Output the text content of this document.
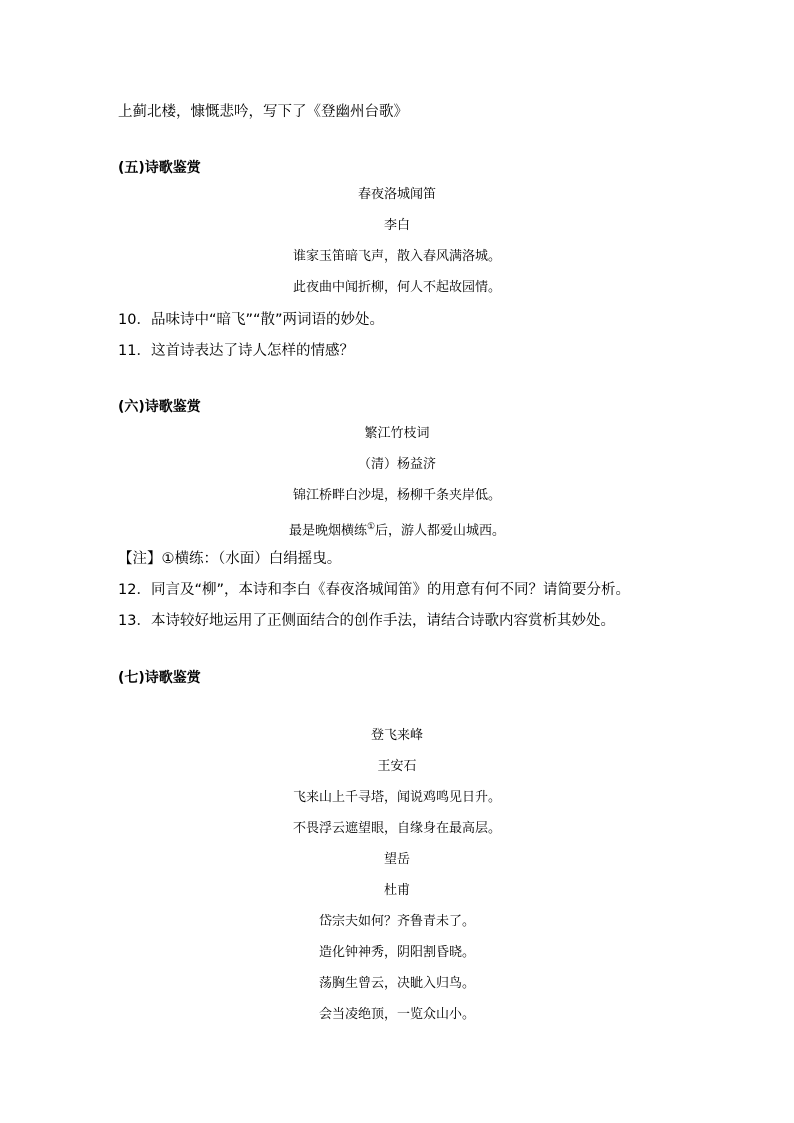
上蓟北楼，慷慨悲吟，写下了《登幽州台歌》
(五)诗歌鉴赏
春夜洛城闻笛
李白
谁家玉笛暗飞声，散入春风满洛城。
此夜曲中闻折柳，何人不起故园情。
10．品味诗中“暗飞”“散”两词语的妙处。
11．这首诗表达了诗人怎样的情感？
(六)诗歌鉴赏
繁江竹枝词
（清）杨益济
锦江桥畔白沙堤，杨柳千条夹岸低。
最是晚烟横练①后，游人都爱山城西。
【注】①横练：（水面）白绢摇曳。
12．同言及“柳”，本诗和李白《春夜洛城闻笛》的用意有何不同？请简要分析。
13．本诗较好地运用了正侧面结合的创作手法，请结合诗歌内容赏析其妙处。
(七)诗歌鉴赏
登飞来峰
王安石
飞来山上千寻塔，闻说鸡鸣见日升。
不畏浮云遮望眼，自缘身在最高层。
望岳
杜甫
岱宗夫如何？齐鲁青未了。
造化钟神秀，阴阳割昏晓。
荡胸生曾云，决眦入归鸟。
会当凌绝顶，一览众山小。
